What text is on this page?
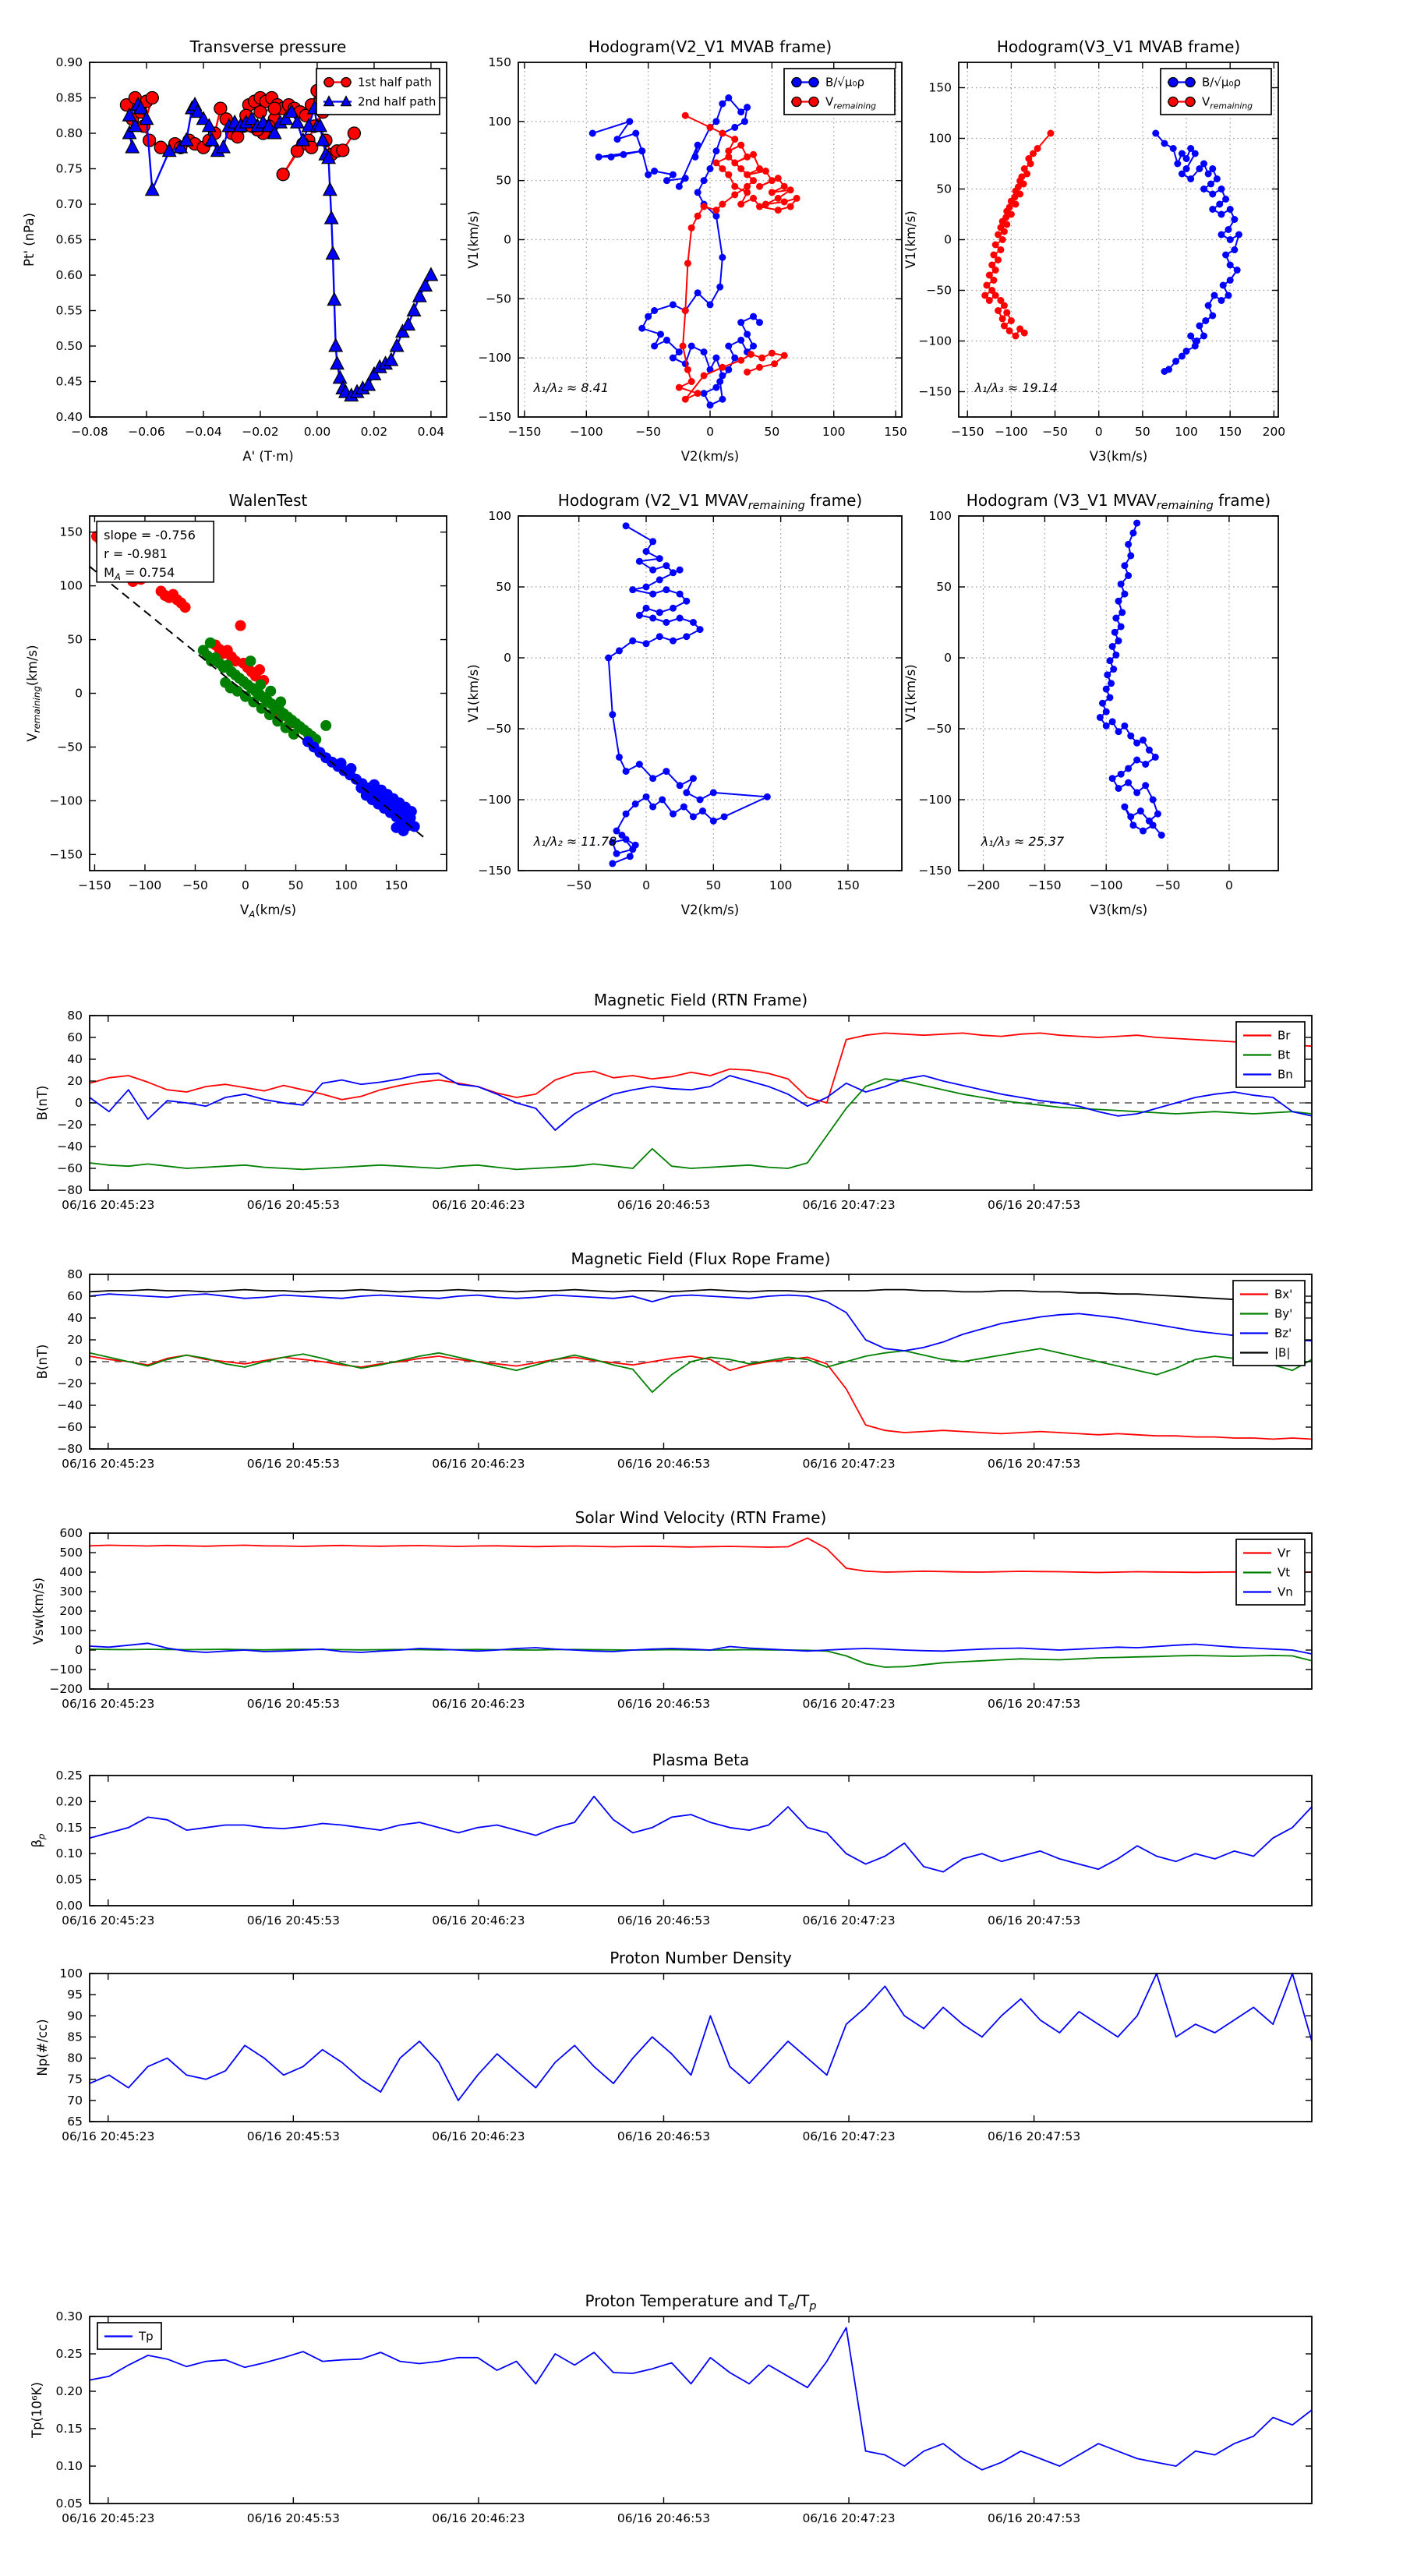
−0.08 −0.06 −0.04 −0.02 0.00 0.02 0.04
0.40
0.45
0.50
0.55
0.60
0.65
0.70
0.75
0.80
0.85
0.90
Transverse pressure
A' (T·m)
Pt' (nPa)
1st half path
2nd half path
−150 −100	−50	0	50	100	150
−150
−100
−50
0
50
100
150
Hodogram(V2_V1 MVAB frame)
V2(km/s)
V1(km/s)
λ₁/λ₂ ≈ 8.41
B/√μ₀ρ
$V_{remaining}$
−150 −100 −50 0	50 100 150 200
−150
−100
−50
0
50
100
150
Hodogram(V3_V1 MVAB frame)
V3(km/s)
V1(km/s)
λ₁/λ₃ ≈ 19.14
B/√μ₀ρ
$V_{remaining}$
−150 −100 −50	0	50	100 150
−150
−100
−50
0
50
100
150
WalenTest
$V_A(km/s)$
$V_{remaining}(km/s)$
slope = -0.756
r = -0.981
$M_A = 0.754$
−50	0	50	100	150
−150
−100
−50
0
50
100
Hodogram (V2_V1 $MVAV_{remaining}$ frame)
V2(km/s)
V1(km/s)
λ₁/λ₂ ≈ 11.78
−200 −150 −100	−50	0
−150
−100
−50
0
50
100
Hodogram (V3_V1 $MVAV_{remaining}$ frame)
V3(km/s)
V1(km/s)
λ₁/λ₃ ≈ 25.37
06/16 20:45:23	06/16 20:45:53	06/16 20:46:23	06/16 20:46:53	06/16 20:47:23	06/16 20:47:53
−80
−60
−40
−20
0
20
40
60
80
Magnetic Field (RTN Frame)
B(nT)
Br
Bt
Bn
06/16 20:45:23	06/16 20:45:53	06/16 20:46:23	06/16 20:46:53	06/16 20:47:23	06/16 20:47:53
−80
−60
−40
−20
0
20
40
60
80
Magnetic Field (Flux Rope Frame)
B(nT)
Bx'
By'
Bz'
|B|
06/16 20:45:23	06/16 20:45:53	06/16 20:46:23	06/16 20:46:53	06/16 20:47:23	06/16 20:47:53
−200
−100
0
100
200
300
400
500
600
Solar Wind Velocity (RTN Frame)
Vsw(km/s)
Vr
Vt
Vn
06/16 20:45:23	06/16 20:45:53	06/16 20:46:23	06/16 20:46:53	06/16 20:47:23	06/16 20:47:53
0.00
0.05
0.10
0.15
0.20
0.25
Plasma Beta
$\beta_p$
06/16 20:45:23	06/16 20:45:53	06/16 20:46:23	06/16 20:46:53	06/16 20:47:23	06/16 20:47:53
65
70
75
80
85
90
95
100
Proton Number Density
Np(#/cc)
06/16 20:45:23	06/16 20:45:53	06/16 20:46:23	06/16 20:46:53	06/16 20:47:23	06/16 20:47:53
0.05
0.10
0.15
0.20
0.25
0.30
Proton Temperature and $T_e/T_p$
Tp(10⁶K)
Tp
